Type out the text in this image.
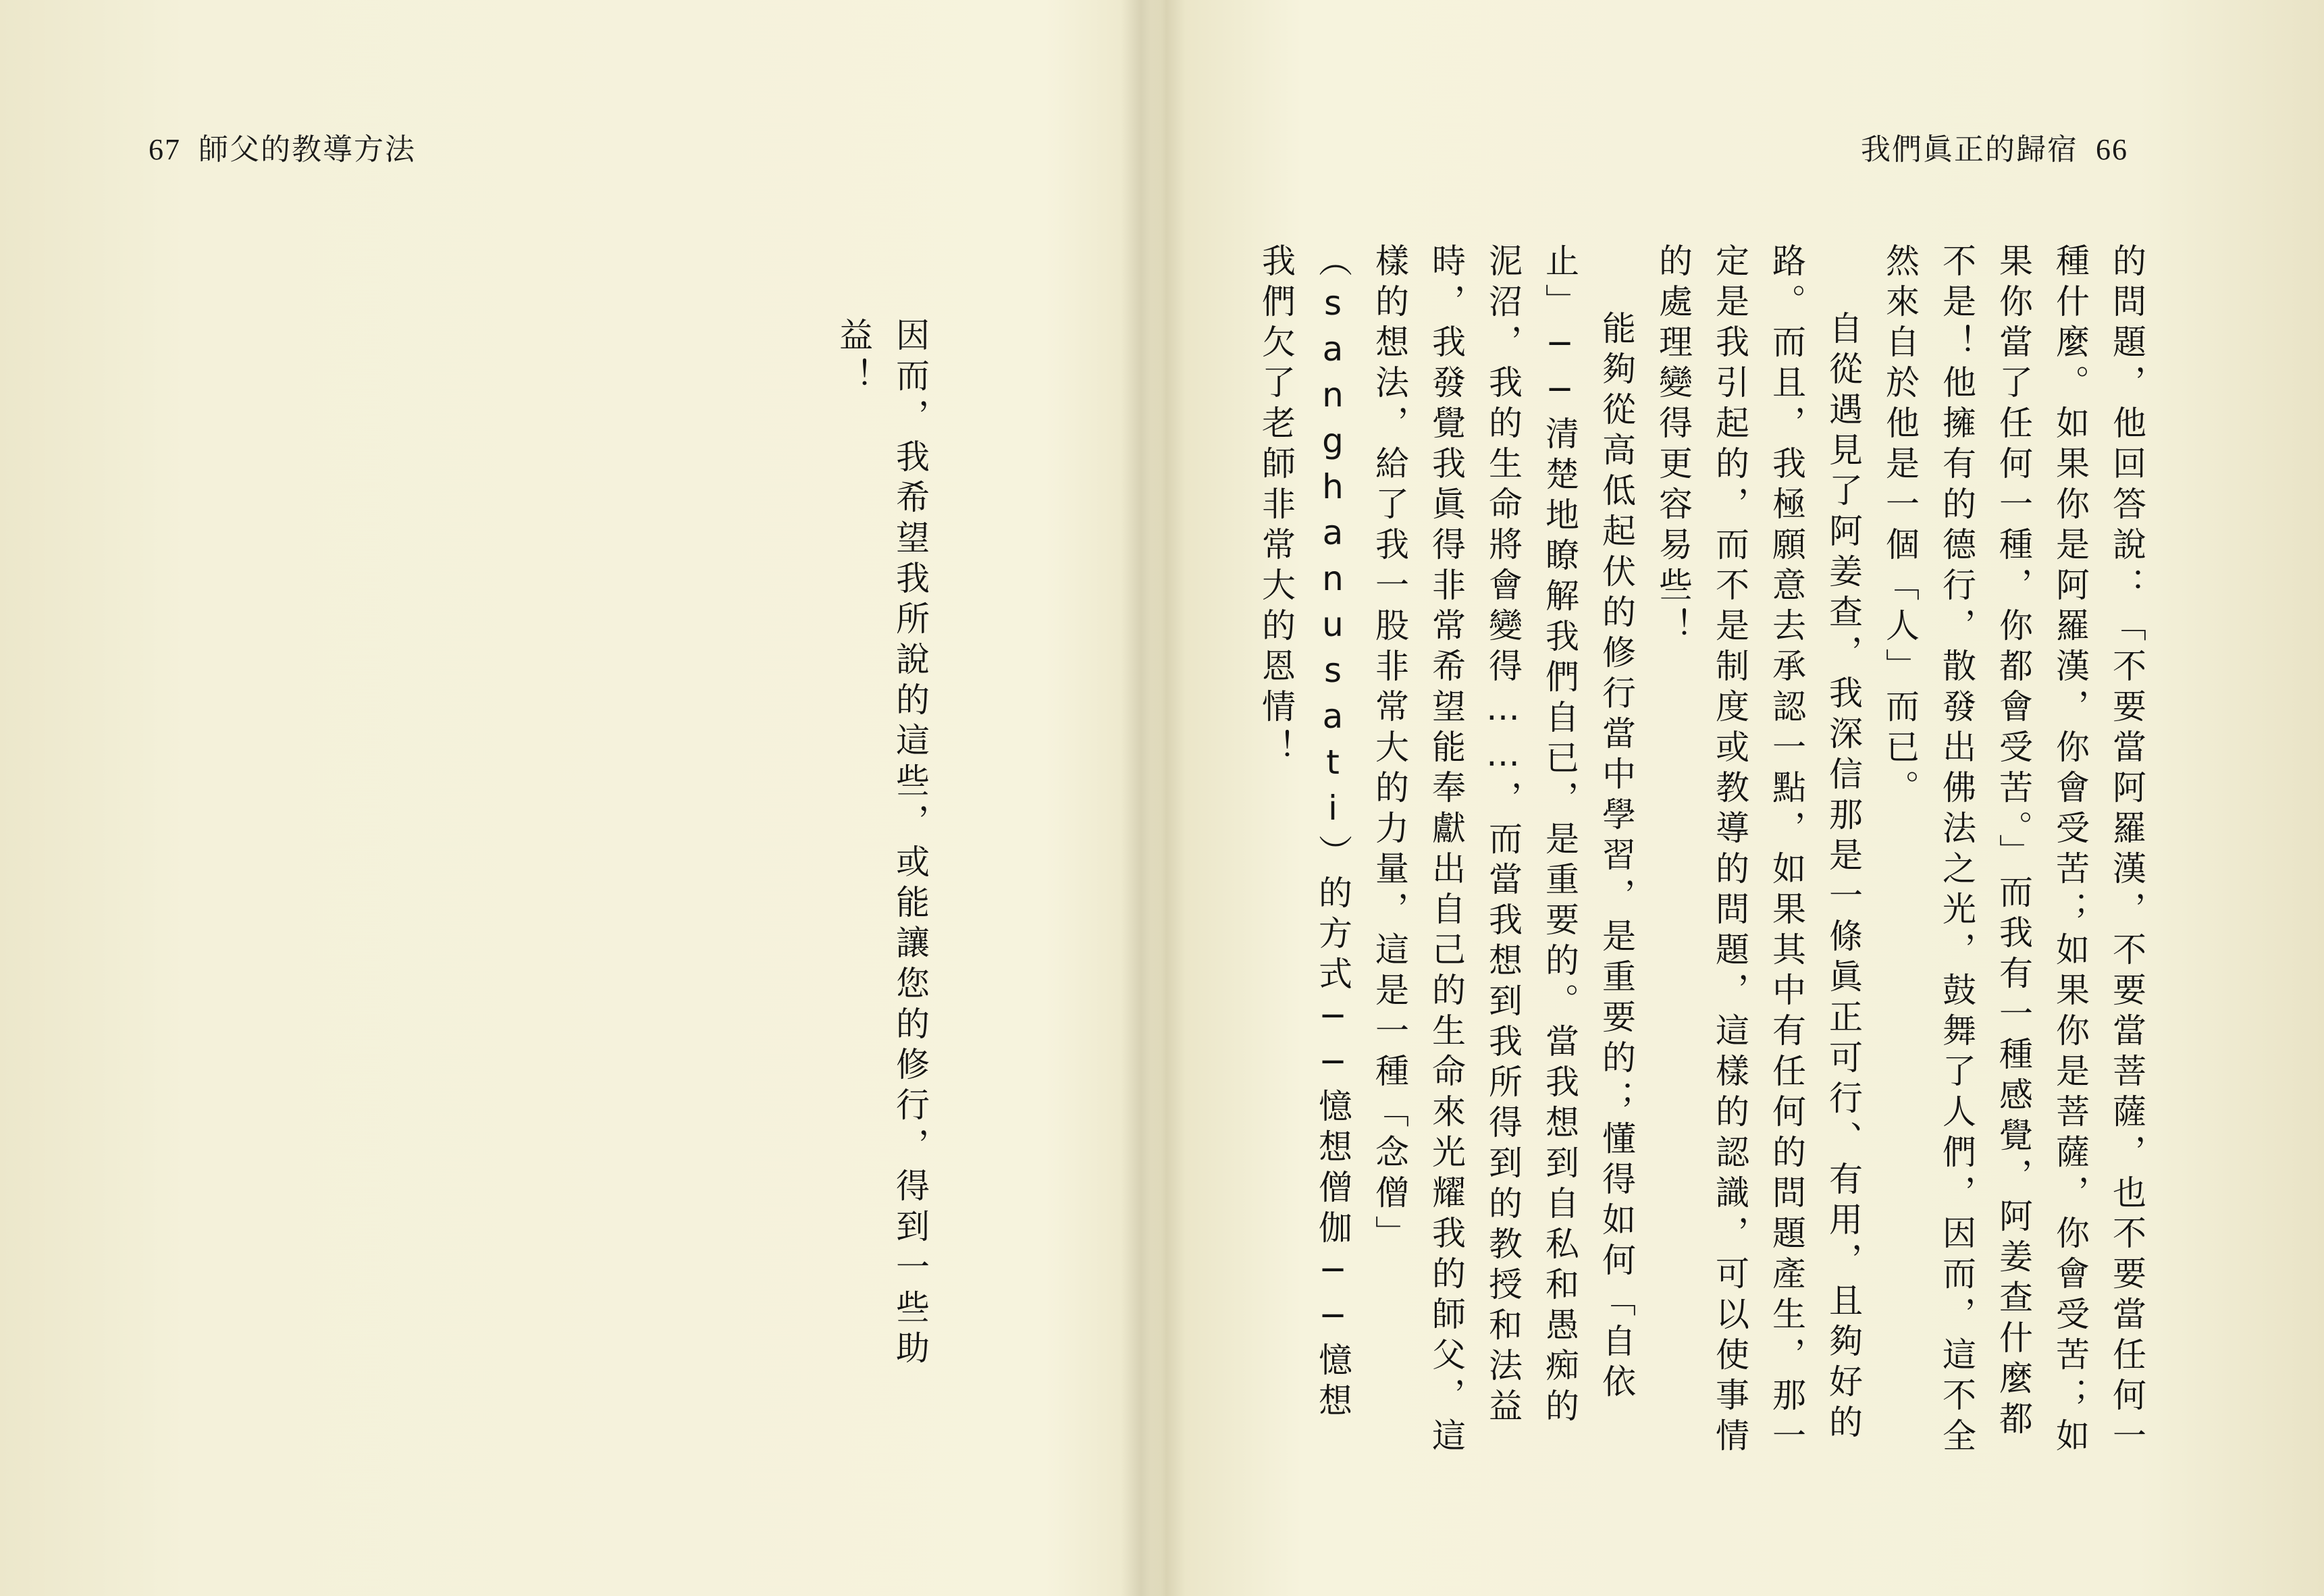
67 師父的教導方法

因而，我希望我所說的這些，或能讓您的修行，得到一些助益！

我們眞正的歸宿 66

的問題，他回答說：「不要當阿羅漢，不要當菩薩，也不要當任何一種什麼。如果你是阿羅漢，你會受苦；如果你是菩薩，你會受苦；如果你當了任何一種，你都會受苦。」而我有一種感覺，阿姜查什麼都不是！他擁有的德行，散發出佛法之光，鼓舞了人們，因而，這不全然來自於他是一個「人」而已。

自從遇見了阿姜查，我深信那是一條眞正可行、有用，且夠好的路。而且，我極願意去承認一點，如果其中有任何的問題產生，那一定是我引起的，而不是制度或教導的問題，這樣的認識，可以使事情的處理變得更容易些！

能夠從高低起伏的修行當中學習，是重要的；懂得如何「自依止」──清楚地瞭解我們自已，是重要的。當我想到自私和愚痴的泥沼，我的生命將會變得……，而當我想到我所得到的教授和法益時，我發覺我眞得非常希望能奉獻出自己的生命來光耀我的師父，這樣的想法，給了我一股非常大的力量，這是一種「念僧」（sanghanusati）的方式──憶想僧伽──憶想我們欠了老師非常大的恩情！
